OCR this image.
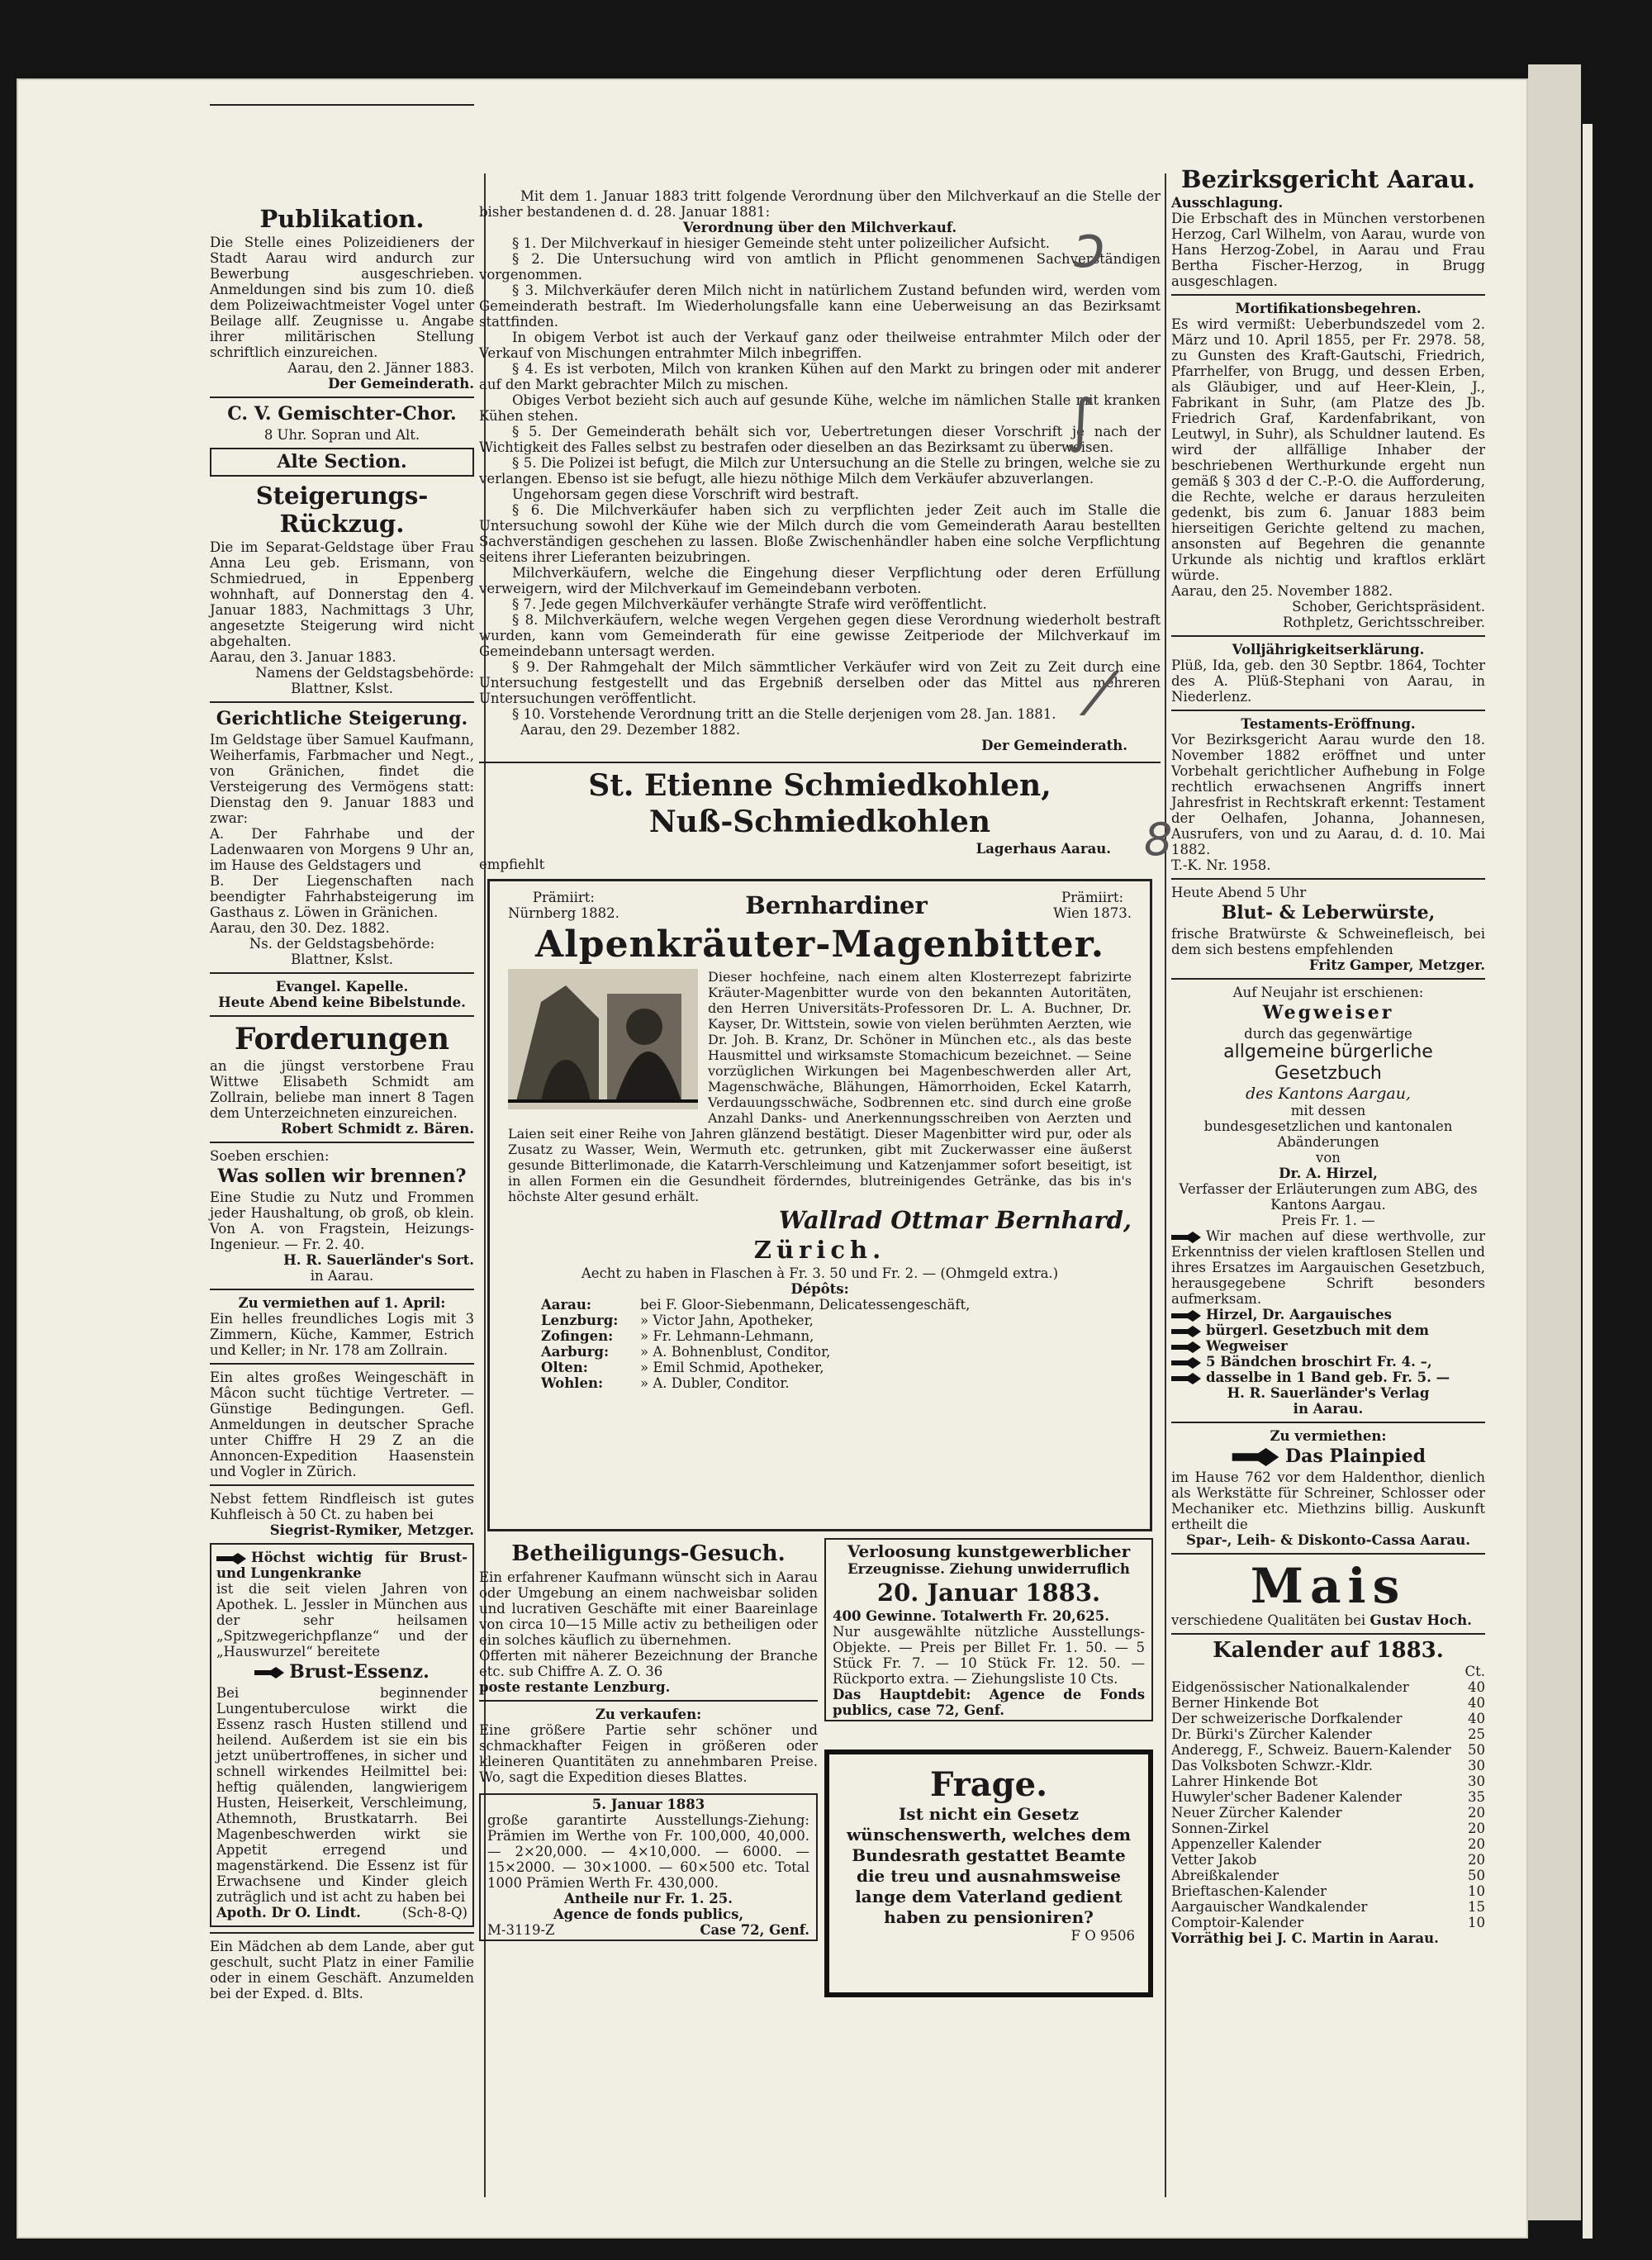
Publikation.

Die Stelle eines Polizeidieners der Stadt Aarau wird andurch zur Bewerbung ausgeschrieben. Anmeldungen sind bis zum 10. dieß dem Polizeiwachtmeister Vogel unter Beilage allf. Zeugnisse u. Angabe ihrer militärischen Stellung schriftlich einzureichen.

Aarau, den 2. Jänner 1883.

Der Gemeinderath.

C. V. Gemischter-Chor.

8 Uhr. Sopran und Alt.

Alte Section.
Steigerungs-Rückzug.

Die im Separat-Geldstage über Frau Anna Leu geb. Erismann, von Schmiedrued, in Eppenberg wohnhaft, auf Donnerstag den 4. Januar 1883, Nachmittags 3 Uhr, angesetzte Steigerung wird nicht abgehalten.

Aarau, den 3. Januar 1883.

Namens der Geldstagsbehörde:

Blattner, Kslst.

Gerichtliche Steigerung.

Im Geldstage über Samuel Kaufmann, Weiherfamis, Farbmacher und Negt., von Gränichen, findet die Versteigerung des Vermögens statt: Dienstag den 9. Januar 1883 und zwar:

A. Der Fahrhabe und der Ladenwaaren von Morgens 9 Uhr an, im Hause des Geldstagers und

B. Der Liegenschaften nach beendigter Fahrhabsteigerung im Gasthaus z. Löwen in Gränichen.

Aarau, den 30. Dez. 1882.

Ns. der Geldstagsbehörde:

Blattner, Kslst.

Evangel. Kapelle.

Heute Abend keine Bibelstunde.

Forderungen

an die jüngst verstorbene Frau Wittwe Elisabeth Schmidt am Zollrain, beliebe man innert 8 Tagen dem Unterzeichneten einzureichen.

Robert Schmidt z. Bären.

Soeben erschien:

Was sollen wir brennen?

Eine Studie zu Nutz und Frommen jeder Haushaltung, ob groß, ob klein. Von A. von Fragstein, Heizungs-Ingenieur. — Fr. 2. 40.

H. R. Sauerländer's Sort.

in Aarau.

Zu vermiethen auf 1. April:

Ein helles freundliches Logis mit 3 Zimmern, Küche, Kammer, Estrich und Keller; in Nr. 178 am Zollrain.

Ein altes großes Weingeschäft in Mâcon sucht tüchtige Vertreter. — Günstige Bedingungen. Gefl. Anmeldungen in deutscher Sprache unter Chiffre H 29 Z an die Annoncen-Expedition Haasenstein und Vogler in Zürich.

Nebst fettem Rindfleisch ist gutes Kuhfleisch à 50 Ct. zu haben bei

Siegrist-Rymiker, Metzger.

Höchst wichtig für Brust- und Lungenkranke

ist die seit vielen Jahren von Apothek. L. Jessler in München aus der sehr heilsamen „Spitzwegerichpflanze“ und der „Hauswurzel“ bereitete

Brust-Essenz.

Bei beginnender Lungentuberculose wirkt die Essenz rasch Husten stillend und heilend. Außerdem ist sie ein bis jetzt unübertroffenes, in sicher und schnell wirkendes Heilmittel bei: heftig quälenden, langwierigem Husten, Heiserkeit, Verschleimung, Athemnoth, Brustkatarrh. Bei Magenbeschwerden wirkt sie Appetit erregend und magenstärkend. Die Essenz ist für Erwachsene und Kinder gleich zuträglich und ist acht zu haben bei

Apoth. Dr O. Lindt.	(Sch-8-Q)

Ein Mädchen ab dem Lande, aber gut geschult, sucht Platz in einer Familie oder in einem Geschäft. Anzumelden bei der Exped. d. Blts.

Mit dem 1. Januar 1883 tritt folgende Verordnung über den Milchverkauf an die Stelle der bisher bestandenen d. d. 28. Januar 1881:

Verordnung über den Milchverkauf.

§ 1. Der Milchverkauf in hiesiger Gemeinde steht unter polizeilicher Aufsicht.

§ 2. Die Untersuchung wird von amtlich in Pflicht genommenen Sachverständigen vorgenommen.

§ 3. Milchverkäufer deren Milch nicht in natürlichem Zustand befunden wird, werden vom Gemeinderath bestraft. Im Wiederholungsfalle kann eine Ueberweisung an das Bezirksamt stattfinden.

In obigem Verbot ist auch der Verkauf ganz oder theilweise entrahmter Milch oder der Verkauf von Mischungen entrahmter Milch inbegriffen.

§ 4. Es ist verboten, Milch von kranken Kühen auf den Markt zu bringen oder mit anderer auf den Markt gebrachter Milch zu mischen.

Obiges Verbot bezieht sich auch auf gesunde Kühe, welche im nämlichen Stalle mit kranken Kühen stehen.

§ 5. Der Gemeinderath behält sich vor, Uebertretungen dieser Vorschrift je nach der Wichtigkeit des Falles selbst zu bestrafen oder dieselben an das Bezirksamt zu überweisen.

§ 5. Die Polizei ist befugt, die Milch zur Untersuchung an die Stelle zu bringen, welche sie zu verlangen. Ebenso ist sie befugt, alle hiezu nöthige Milch dem Verkäufer abzuverlangen.

Ungehorsam gegen diese Vorschrift wird bestraft.

§ 6. Die Milchverkäufer haben sich zu verpflichten jeder Zeit auch im Stalle die Untersuchung sowohl der Kühe wie der Milch durch die vom Gemeinderath Aarau bestellten Sachverständigen geschehen zu lassen. Bloße Zwischenhändler haben eine solche Verpflichtung seitens ihrer Lieferanten beizubringen.

Milchverkäufern, welche die Eingehung dieser Verpflichtung oder deren Erfüllung verweigern, wird der Milchverkauf im Gemeindebann verboten.

§ 7. Jede gegen Milchverkäufer verhängte Strafe wird veröffentlicht.

§ 8. Milchverkäufern, welche wegen Vergehen gegen diese Verordnung wiederholt bestraft wurden, kann vom Gemeinderath für eine gewisse Zeitperiode der Milchverkauf im Gemeindebann untersagt werden.

§ 9. Der Rahmgehalt der Milch sämmtlicher Verkäufer wird von Zeit zu Zeit durch eine Untersuchung festgestellt und das Ergebniß derselben oder das Mittel aus mehreren Untersuchungen veröffentlicht.

§ 10. Vorstehende Verordnung tritt an die Stelle derjenigen vom 28. Jan. 1881.

Aarau, den 29. Dezember 1882.

Der Gemeinderath.

St. Etienne Schmiedkohlen,
Nuß-Schmiedkohlen

Lagerhaus Aarau.

empfiehlt

Prämiirt:
Nürnberg 1882.	Bernhardiner	Prämiirt:
Wien 1873.
Alpenkräuter-Magenbitter.

Dieser hochfeine, nach einem alten Klosterrezept fabrizirte Kräuter-Magenbitter wurde von den bekannten Autoritäten, den Herren Universitäts-Professoren Dr. L. A. Buchner, Dr. Kayser, Dr. Wittstein, sowie von vielen berühmten Aerzten, wie Dr. Joh. B. Kranz, Dr. Schöner in München etc., als das beste Hausmittel und wirksamste Stomachicum bezeichnet. — Seine vorzüglichen Wirkungen bei Magenbeschwerden aller Art, Magenschwäche, Blähungen, Hämorrhoiden, Eckel Katarrh, Verdauungsschwäche, Sodbrennen etc. sind durch eine große Anzahl Danks- und Anerkennungsschreiben von Aerzten und Laien seit einer Reihe von Jahren glänzend bestätigt. Dieser Magenbitter wird pur, oder als Zusatz zu Wasser, Wein, Wermuth etc. getrunken, gibt mit Zuckerwasser eine äußerst gesunde Bitterlimonade, die Katarrh-Verschleimung und Katzenjammer sofort beseitigt, ist in allen Formen ein die Gesundheit förderndes, blutreinigendes Getränke, das bis in's höchste Alter gesund erhält.

Wallrad Ottmar Bernhard,
Zürich.

Aecht zu haben in Flaschen à Fr. 3. 50 und Fr. 2. — (Ohmgeld extra.)

Dépôts:

Aarau:	bei F. Gloor-Siebenmann, Delicatessengeschäft,
Lenzburg:	» Victor Jahn, Apotheker,
Zofingen:	» Fr. Lehmann-Lehmann,
Aarburg:	» A. Bohnenblust, Conditor,
Olten:	» Emil Schmid, Apotheker,
Wohlen:	» A. Dubler, Conditor.
Betheiligungs-Gesuch.

Ein erfahrener Kaufmann wünscht sich in Aarau oder Umgebung an einem nachweisbar soliden und lucrativen Geschäfte mit einer Baareinlage von circa 10—15 Mille activ zu betheiligen oder ein solches käuflich zu übernehmen.

Offerten mit näherer Bezeichnung der Branche etc. sub Chiffre A. Z. O. 36

poste restante Lenzburg.

Zu verkaufen:

Eine größere Partie sehr schöner und schmackhafter Feigen in größeren oder kleineren Quantitäten zu annehmbaren Preise. Wo, sagt die Expedition dieses Blattes.

5. Januar 1883

große garantirte Ausstellungs-Ziehung: Prämien im Werthe von Fr. 100,000, 40,000. — 2×20,000. — 4×10,000. — 6000. — 15×2000. — 30×1000. — 60×500 etc. Total 1000 Prämien Werth Fr. 430,000.

Antheile nur Fr. 1. 25.

Agence de fonds publics,

M-3119-Z	Case 72, Genf.

Verloosung kunstgewerblicher

Erzeugnisse. Ziehung unwiderruflich

20. Januar 1883.

400 Gewinne. Totalwerth Fr. 20,625.

Nur ausgewählte nützliche Ausstellungs-Objekte. — Preis per Billet Fr. 1. 50. — 5 Stück Fr. 7. — 10 Stück Fr. 12. 50. — Rückporto extra. — Ziehungsliste 10 Cts.

Das Hauptdebit: Agence de Fonds publics, case 72, Genf.

Frage.

Ist nicht ein Gesetz wünschenswerth, welches dem Bundesrath gestattet Beamte die treu und ausnahmsweise lange dem Vaterland gedient haben zu pensioniren?

F O 9506

Bezirksgericht Aarau.

Ausschlagung.

Die Erbschaft des in München verstorbenen Herzog, Carl Wilhelm, von Aarau, wurde von Hans Herzog-Zobel, in Aarau und Frau Bertha Fischer-Herzog, in Brugg ausgeschlagen.

Mortifikationsbegehren.

Es wird vermißt: Ueberbundszedel vom 2. März und 10. April 1855, per Fr. 2978. 58, zu Gunsten des Kraft-Gautschi, Friedrich, Pfarrhelfer, von Brugg, und dessen Erben, als Gläubiger, und auf Heer-Klein, J., Fabrikant in Suhr, (am Platze des Jb. Friedrich Graf, Kardenfabrikant, von Leutwyl, in Suhr), als Schuldner lautend. Es wird der allfällige Inhaber der beschriebenen Werthurkunde ergeht nun gemäß § 303 d der C.-P.-O. die Aufforderung, die Rechte, welche er daraus herzuleiten gedenkt, bis zum 6. Januar 1883 beim hierseitigen Gerichte geltend zu machen, ansonsten auf Begehren die genannte Urkunde als nichtig und kraftlos erklärt würde.

Aarau, den 25. November 1882.

Schober, Gerichtspräsident.

Rothpletz, Gerichtsschreiber.

Volljährigkeitserklärung.

Plüß, Ida, geb. den 30 Septbr. 1864, Tochter des A. Plüß-Stephani von Aarau, in Niederlenz.

Testaments-Eröffnung.

Vor Bezirksgericht Aarau wurde den 18. November 1882 eröffnet und unter Vorbehalt gerichtlicher Aufhebung in Folge rechtlich erwachsenen Angriffs innert Jahresfrist in Rechtskraft erkennt: Testament der Oelhafen, Johanna, Johannesen, Ausrufers, von und zu Aarau, d. d. 10. Mai 1882.

T.-K. Nr. 1958.

Heute Abend 5 Uhr

Blut- & Leberwürste,

frische Bratwürste & Schweinefleisch, bei dem sich bestens empfehlenden

Fritz Gamper, Metzger.

Auf Neujahr ist erschienen:

Wegweiser

durch das gegenwärtige

allgemeine bürgerliche Gesetzbuch

des Kantons Aargau,

mit dessen

bundesgesetzlichen und kantonalen

Abänderungen

von

Dr. A. Hirzel,

Verfasser der Erläuterungen zum ABG, des Kantons Aargau.

Preis Fr. 1. —

Wir machen auf diese werthvolle, zur Erkenntniss der vielen kraftlosen Stellen und ihres Ersatzes im Aargauischen Gesetzbuch, herausgegebene Schrift besonders aufmerksam.

Hirzel, Dr. Aargauisches

bürgerl. Gesetzbuch mit dem

Wegweiser

5 Bändchen broschirt Fr. 4. –,

dasselbe in 1 Band geb. Fr. 5. —

H. R. Sauerländer's Verlag

in Aarau.

Zu vermiethen:

Das Plainpied

im Hause 762 vor dem Haldenthor, dienlich als Werkstätte für Schreiner, Schlosser oder Mechaniker etc. Miethzins billig. Auskunft ertheilt die

Spar-, Leih- & Diskonto-Cassa Aarau.

Mais

verschiedene Qualitäten bei Gustav Hoch.

Kalender auf 1883.

Ct.

Eidgenössischer Nationalkalender	40
Berner Hinkende Bot	40
Der schweizerische Dorfkalender	40
Dr. Bürki's Zürcher Kalender	25
Anderegg, F., Schweiz. Bauern-Kalender 50
Das Volksboten Schwzr.-Kldr.	30
Lahrer Hinkende Bot	30
Huwyler'scher Badener Kalender	35
Neuer Zürcher Kalender	20
Sonnen-Zirkel	20
Appenzeller Kalender	20
Vetter Jakob	20
Abreißkalender	50
Brieftaschen-Kalender	10
Aargauischer Wandkalender	15
Comptoir-Kalender	10

Vorräthig bei J. C. Martin in Aarau.

ↄ
∫
⁄
8
